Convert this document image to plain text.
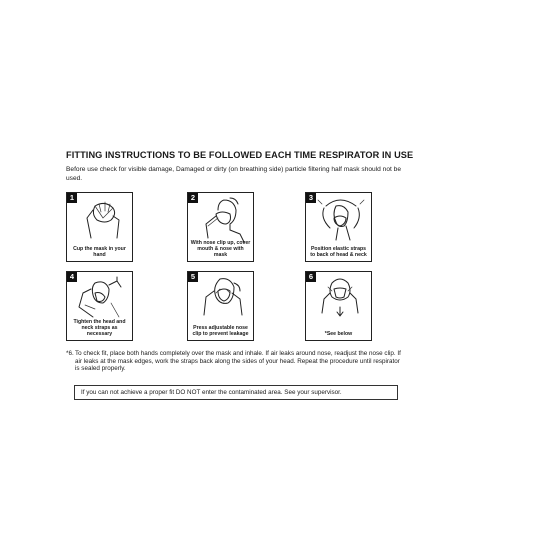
FITTING INSTRUCTIONS TO BE FOLLOWED EACH TIME RESPIRATOR IN USE
Before use check for visible damage, Damaged or dirty (on breathing side) particle filtering half mask should not be used.
1
Cup the mask in your hand
2
With nose clip up, cover mouth & nose with mask
3
Position elastic straps to back of head & neck
4
Tighten the head and neck straps as necessary
5
Press adjustable nose clip to prevent leakage
6
*See below
*6. To check fit, place both hands completely over the mask and inhale. If air leaks around nose, readjust the nose clip. If air leaks at the mask edges, work the straps back along the sides of your head. Repeat the procedure until respirator is sealed properly.
If you can not achieve a proper fit DO NOT enter the contaminated area. See your supervisor.
